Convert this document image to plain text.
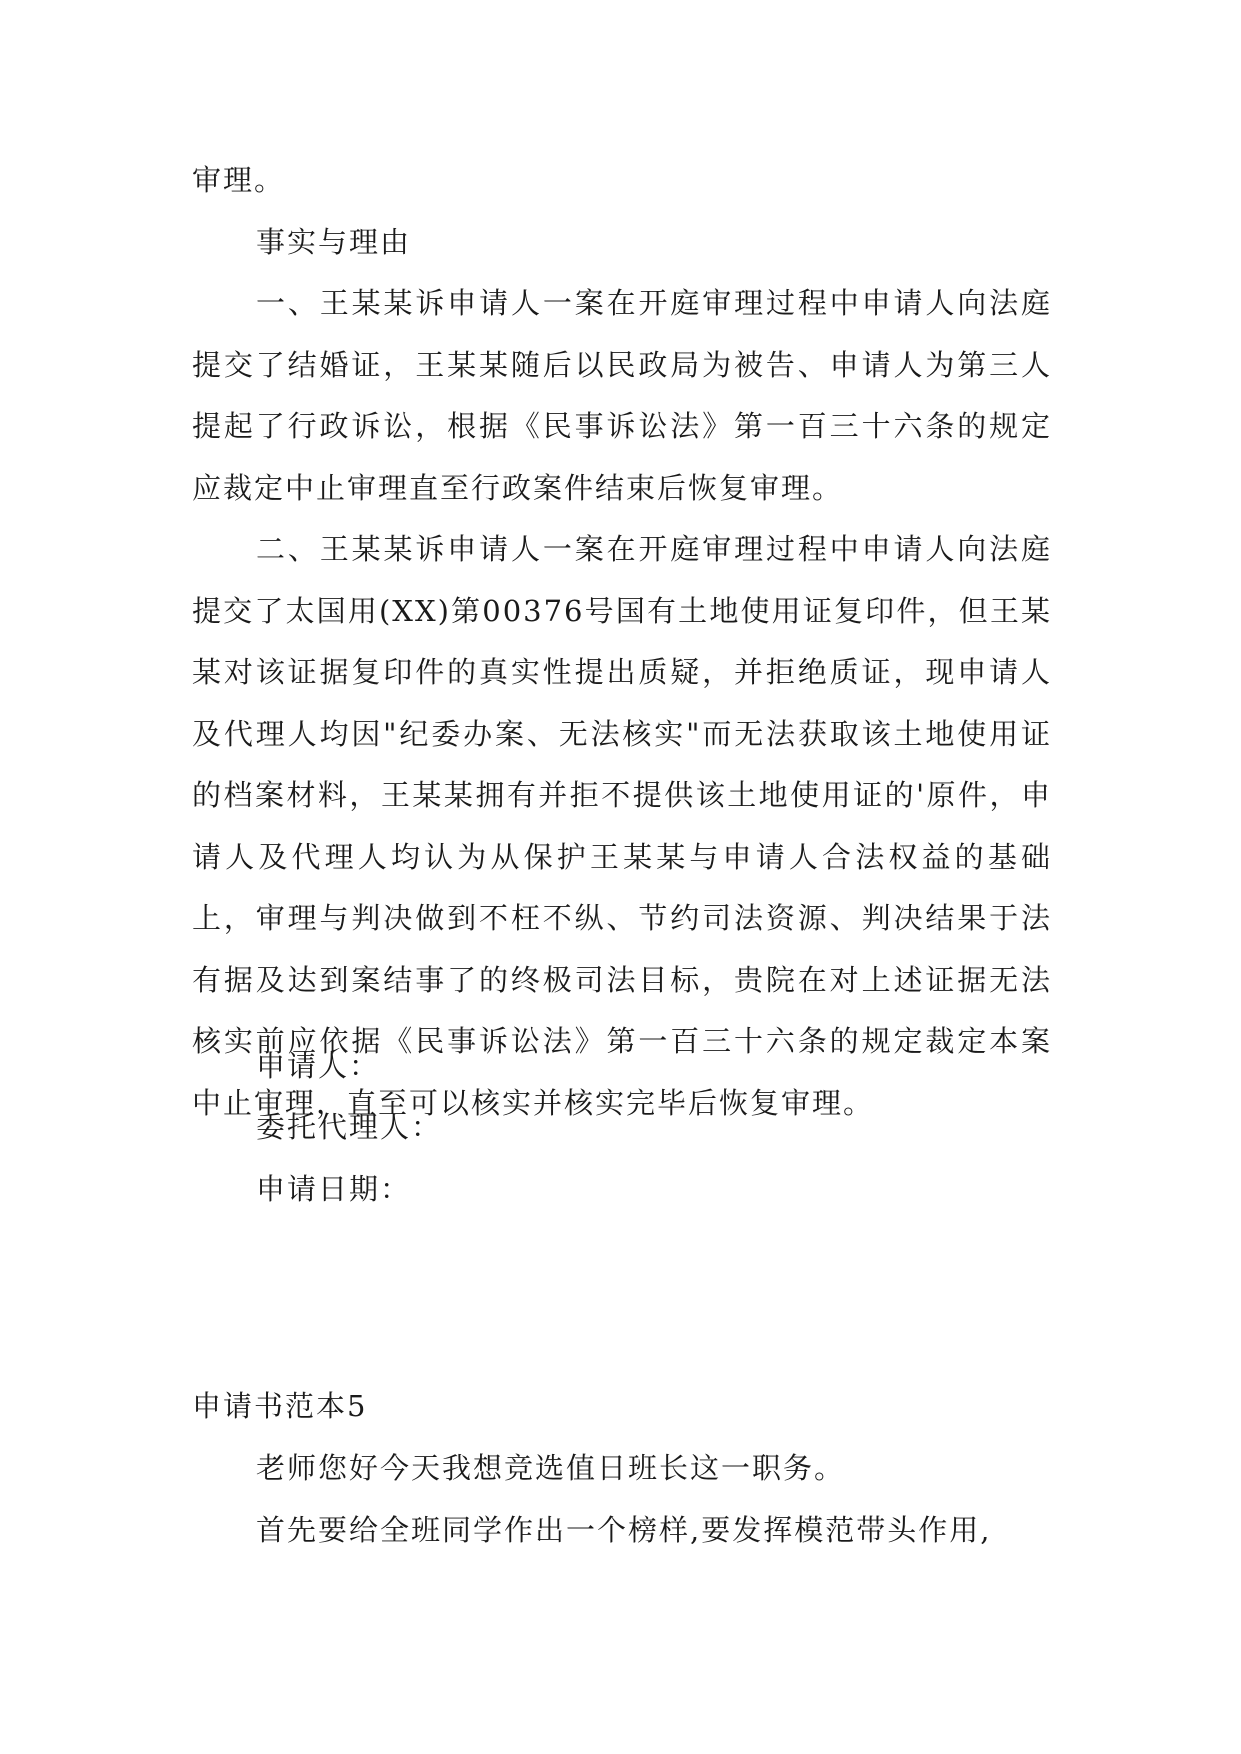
审理。

事实与理由

一、王某某诉申请人一案在开庭审理过程中申请人向法庭提交了结婚证，王某某随后以民政局为被告、申请人为第三人提起了行政诉讼，根据《民事诉讼法》第一百三十六条的规定应裁定中止审理直至行政案件结束后恢复审理。

二、王某某诉申请人一案在开庭审理过程中申请人向法庭提交了太国用(XX)第00376号国有土地使用证复印件，但王某某对该证据复印件的真实性提出质疑，并拒绝质证，现申请人及代理人均因"纪委办案、无法核实"而无法获取该土地使用证的档案材料，王某某拥有并拒不提供该土地使用证的'原件，申请人及代理人均认为从保护王某某与申请人合法权益的基础上，审理与判决做到不枉不纵、节约司法资源、判决结果于法有据及达到案结事了的终极司法目标，贵院在对上述证据无法核实前应依据《民事诉讼法》第一百三十六条的规定裁定本案中止审理，直至可以核实并核实完毕后恢复审理。

申请人：
委托代理人：
申请日期：
申请书范本5

老师您好今天我想竞选值日班长这一职务。

首先要给全班同学作出一个榜样,要发挥模范带头作用,
